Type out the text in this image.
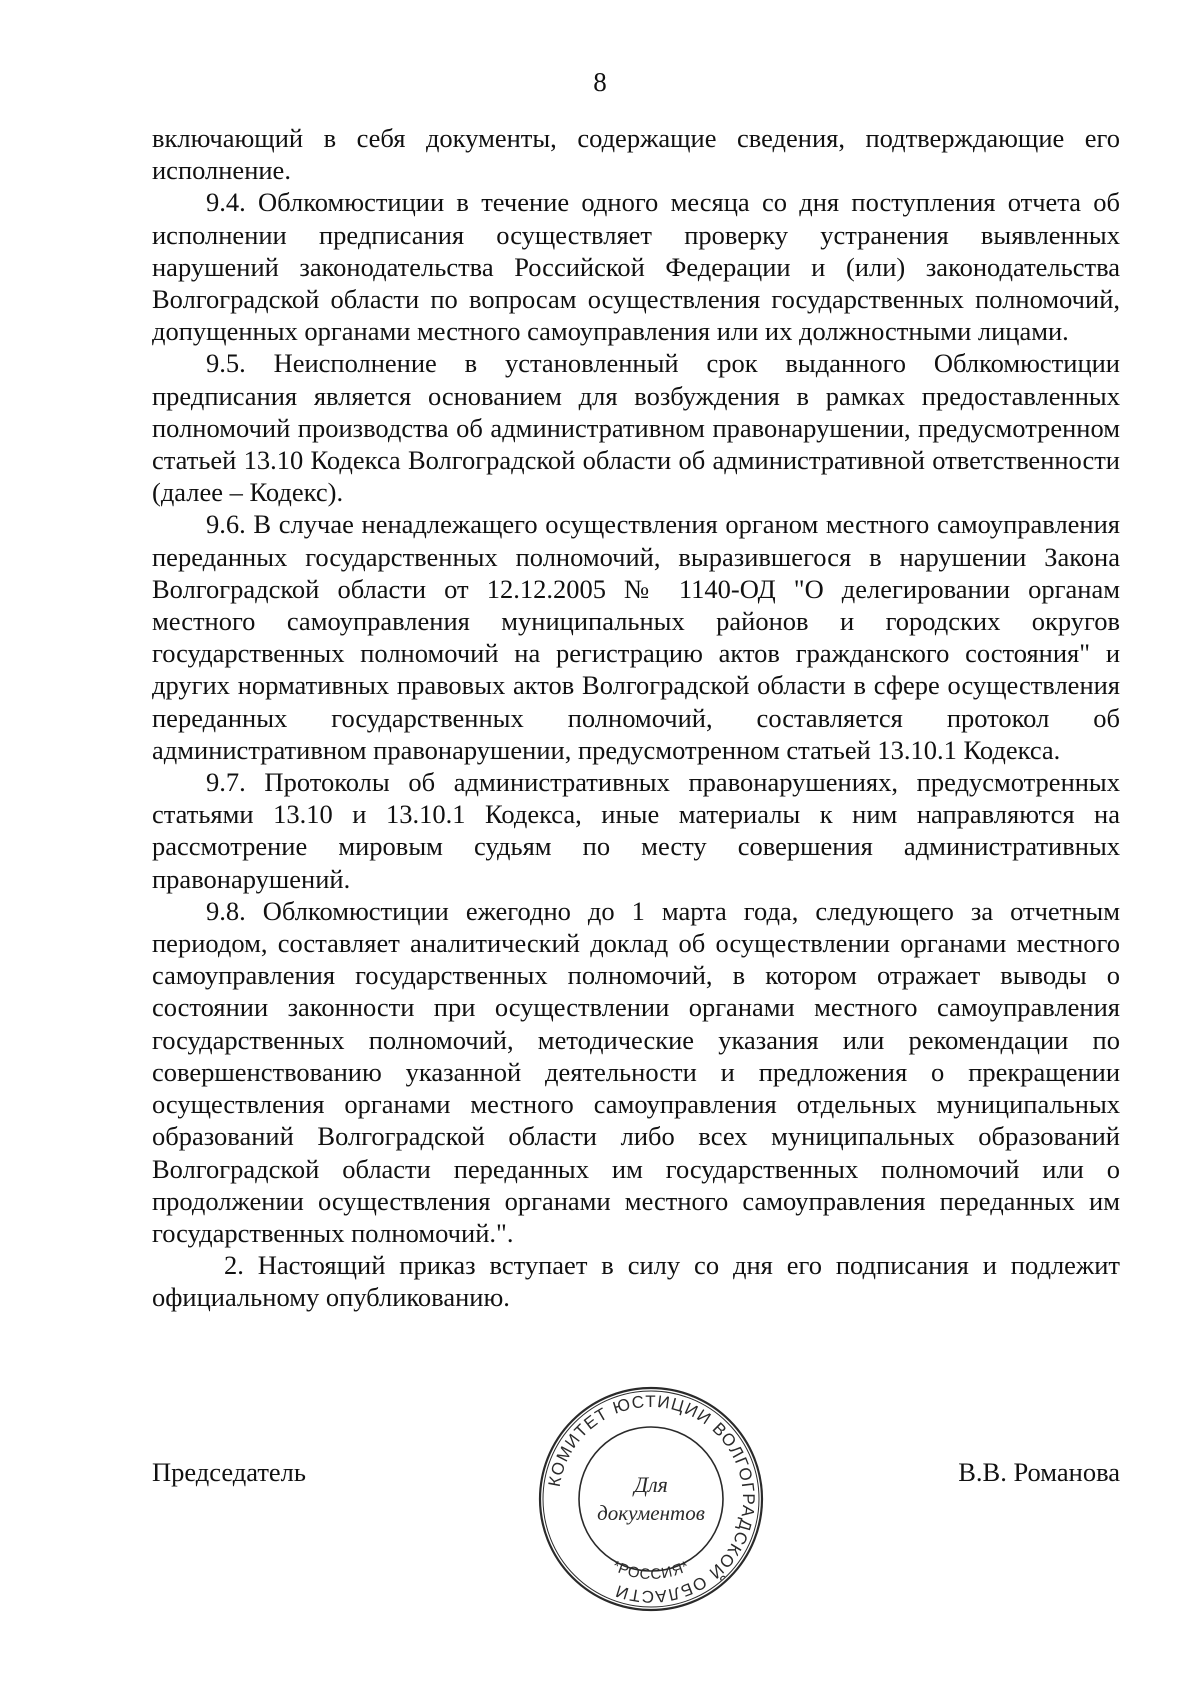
8

включающий в себя документы, содержащие сведения, подтверждающие его исполнение.

9.4. Облкомюстиции в течение одного месяца со дня поступления отчета об исполнении предписания осуществляет проверку устранения выявленных нарушений законодательства Российской Федерации и (или) законодательства Волгоградской области по вопросам осуществления государственных полномочий, допущенных органами местного самоуправления или их должностными лицами.

9.5. Неисполнение в установленный срок выданного Облкомюстиции предписания является основанием для возбуждения в рамках предоставленных полномочий производства об административном правонарушении, предусмотренном статьей 13.10 Кодекса Волгоградской области об административной ответственности (далее – Кодекс).

9.6. В случае ненадлежащего осуществления органом местного самоуправления переданных государственных полномочий, выразившегося в нарушении Закона Волгоградской области от 12.12.2005 № 1140-ОД "О делегировании органам местного самоуправления муниципальных районов и городских округов государственных полномочий на регистрацию актов гражданского состояния" и других нормативных правовых актов Волгоградской области в сфере осуществления переданных государственных полномочий, составляется протокол об административном правонарушении, предусмотренном статьей 13.10.1 Кодекса.

9.7. Протоколы об административных правонарушениях, предусмотренных статьями 13.10 и 13.10.1 Кодекса, иные материалы к ним направляются на рассмотрение мировым судьям по месту совершения административных правонарушений.

9.8. Облкомюстиции ежегодно до 1 марта года, следующего за отчетным периодом, составляет аналитический доклад об осуществлении органами местного самоуправления государственных полномочий, в котором отражает выводы о состоянии законности при осуществлении органами местного самоуправления государственных полномочий, методические указания или рекомендации по совершенствованию указанной деятельности и предложения о прекращении осуществления органами местного самоуправления отдельных муниципальных образований Волгоградской области либо всех муниципальных образований Волгоградской области переданных им государственных полномочий или о продолжении осуществления органами местного самоуправления переданных им государственных полномочий.".

2. Настоящий приказ вступает в силу со дня его подписания и подлежит официальному опубликованию.

Председатель	В.В. Романова
КОМИТЕТ ЮСТИЦИИ ВОЛГОГРАДСКОЙ ОБЛАСТИ
*РОССИЯ*
Для
документов
